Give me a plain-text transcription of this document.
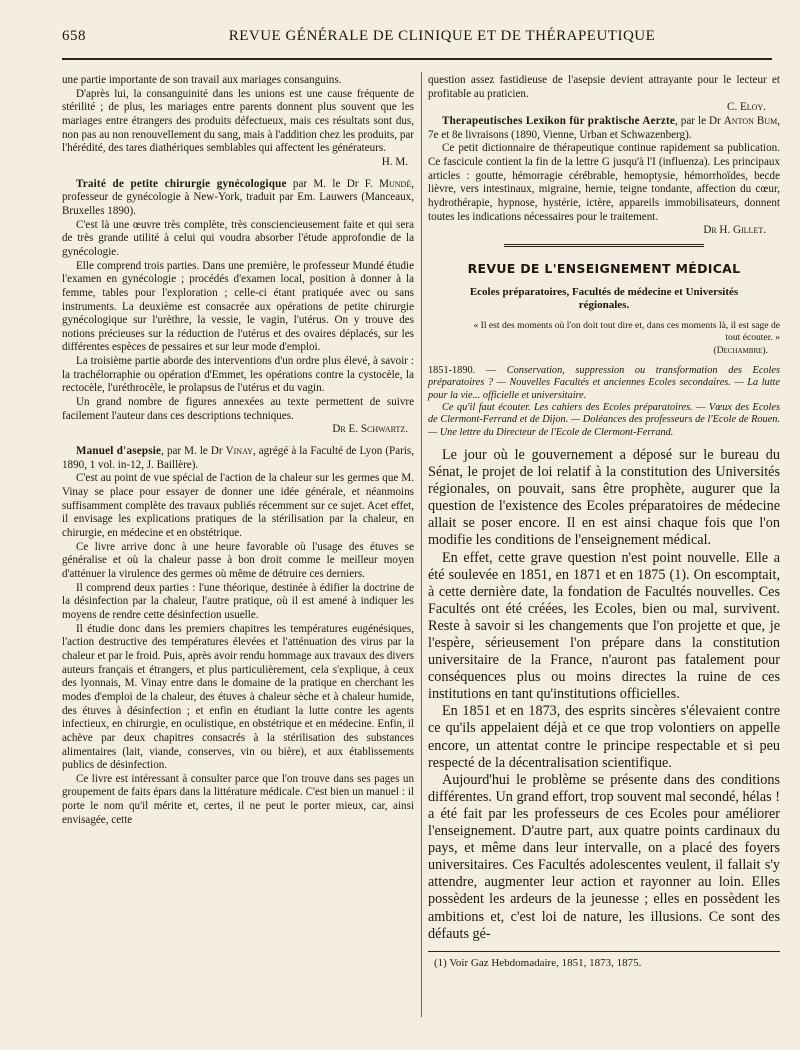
658	REVUE GÉNÉRALE DE CLINIQUE ET DE THÉRAPEUTIQUE

une partie importante de son travail aux mariages consanguins.

D'après lui, la consanguinité dans les unions est une cause fréquente de stérilité ; de plus, les mariages entre parents donnent plus souvent que les mariages entre étrangers des produits défectueux, mais ces résultats sont dus, non pas au non renouvellement du sang, mais à l'addition chez les produits, par l'hérédité, des tares diathériques semblables qui affectent les générateurs.

H. M.

Traité de petite chirurgie gynécologique par M. le Dr F. Mundé, professeur de gynécologie à New-York, traduit par Em. Lauwers (Manceaux, Bruxelles 1890).

C'est là une œuvre très complète, très consciencieusement faite et qui sera de très grande utilité à celui qui voudra absorber l'étude approfondie de la gynécologie.

Elle comprend trois parties. Dans une première, le professeur Mundé étudie l'examen en gynécologie ; procédés d'examen local, position à donner à la femme, tables pour l'exploration ; celle-ci étant pratiquée avec ou sans instruments. La deuxième est consacrée aux opérations de petite chirurgie gynécologique sur l'urèthre, la vessie, le vagin, l'utérus. On y trouve des notions précieuses sur la réduction de l'utérus et des ovaires déplacés, sur les différentes espèces de pessaires et sur leur mode d'emploi.

La troisième partie aborde des interventions d'un ordre plus élevé, à savoir : la trachélorraphie ou opération d'Emmet, les opérations contre la cystocèle, la rectocèle, l'uréthrocèle, le prolapsus de l'utérus et du vagin.

Un grand nombre de figures annexées au texte permettent de suivre facilement l'auteur dans ces descriptions techniques.

Dr E. Schwartz.

Manuel d'asepsie, par M. le Dr Vinay, agrégé à la Faculté de Lyon (Paris, 1890, 1 vol. in-12, J. Baillère).

C'est au point de vue spécial de l'action de la chaleur sur les germes que M. Vinay se place pour essayer de donner une idée générale, et néanmoins suffisamment complète des travaux publiés récemment sur ce sujet. Acet effet, il envisage les explications pratiques de la stérilisation par la chaleur, en chirurgie, en médecine et en obstétrique.

Ce livre arrive donc à une heure favorable où l'usage des étuves se généralise et où la chaleur passe à bon droit comme le meilleur moyen d'atténuer la virulence des germes où même de détruire ces derniers.

Il comprend deux parties : l'une théorique, destinée à édifier la doctrine de la désinfection par la chaleur, l'autre pratique, où il est amené à indiquer les moyens de rendre cette désinfection usuelle.

Il étudie donc dans les premiers chapitres les températures eugénésiques, l'action destructive des températures élevées et l'atténuation des virus par la chaleur et par le froid. Puis, après avoir rendu hommage aux travaux des divers auteurs français et étrangers, et plus particulièrement, cela s'explique, à ceux des lyonnais, M. Vinay entre dans le domaine de la pratique en cherchant les modes d'emploi de la chaleur, des étuves à chaleur sèche et à chaleur humide, des étuves à désinfection ; et enfin en étudiant la lutte contre les agents infectieux, en chirurgie, en oculistique, en obstétrique et en médecine. Enfin, il achève par deux chapitres consacrés à la stérilisation des substances alimentaires (lait, viande, conserves, vin ou bière), et aux établissements publics de désinfection.

Ce livre est intéressant à consulter parce que l'on trouve dans ses pages un groupement de faits épars dans la littérature médicale. C'est bien un manuel : il porte le nom qu'il mérite et, certes, il ne peut le porter mieux, car, ainsi envisagée, cette

question assez fastidieuse de l'asepsie devient attrayante pour le lecteur et profitable au praticien.

C. Eloy.

Therapeutisches Lexikon für praktische Aerzte, par le Dr Anton Bum, 7e et 8e livraisons (1890, Vienne, Urban et Schwazenberg).

Ce petit dictionnaire de thérapeutique continue rapidement sa publication. Ce fascicule contient la fin de la lettre G jusqu'à l'I (influenza). Les principaux articles : goutte, hémorragie cérébrable, hemoptysie, hémorrhoïdes, becde lièvre, vers intestinaux, migraine, hernie, teigne tondante, affection du cœur, hydrothérapie, hypnose, hystérie, ictère, appareils immobilisateurs, donnent toutes les indications nécessaires pour le traitement.

Dr H. Gillet.

REVUE DE L'ENSEIGNEMENT MÉDICAL
Ecoles préparatoires, Facultés de médecine et Universités régionales.
« Il est des moments où l'on doit tout dire et, dans ces moments là, il est sage de tout écouter. »
(Dechambre).

1851-1890. — Conservation, suppression ou transformation des Ecoles préparatoires ? — Nouvelles Facultés et anciennes Ecoles secondaires. — La lutte pour la vie... officielle et universitaire.

Ce qu'il faut écouter. Les cahiers des Ecoles préparatoires. — Vœux des Ecoles de Clermont-Ferrand et de Dijon. — Doléances des professeurs de l'Ecole de Rouen. — Une lettre du Directeur de l'Ecole de Clermont-Ferrand.

Le jour où le gouvernement a déposé sur le bureau du Sénat, le projet de loi relatif à la constitution des Universités régionales, on pouvait, sans être prophète, augurer que la question de l'existence des Ecoles préparatoires de médecine allait se poser encore. Il en est ainsi chaque fois que l'on modifie les conditions de l'enseignement médical.

En effet, cette grave question n'est point nouvelle. Elle a été soulevée en 1851, en 1871 et en 1875 (1). On escomptait, à cette dernière date, la fondation de Facultés nouvelles. Ces Facultés ont été créées, les Ecoles, bien ou mal, survivent. Reste à savoir si les changements que l'on projette et que, je l'espère, sérieusement l'on prépare dans la constitution universitaire de la France, n'auront pas fatalement pour conséquences plus ou moins directes la ruine de ces institutions en tant qu'institutions officielles.

En 1851 et en 1873, des esprits sincères s'élevaient contre ce qu'ils appelaient déjà et ce que trop volontiers on appelle encore, un attentat contre le principe respectable et si peu respecté de la décentralisation scientifique.

Aujourd'hui le problème se présente dans des conditions différentes. Un grand effort, trop souvent mal secondé, hélas ! a été fait par les professeurs de ces Ecoles pour améliorer l'enseignement. D'autre part, aux quatre points cardinaux du pays, et même dans leur intervalle, on a placé des foyers universitaires. Ces Facultés adolescentes veulent, il fallait s'y attendre, augmenter leur action et rayonner au loin. Elles possèdent les ardeurs de la jeunesse ; elles en possèdent les ambitions et, c'est loi de nature, les illusions. Ce sont des défauts gé-

(1) Voir Gaz Hebdomadaire, 1851, 1873, 1875.
